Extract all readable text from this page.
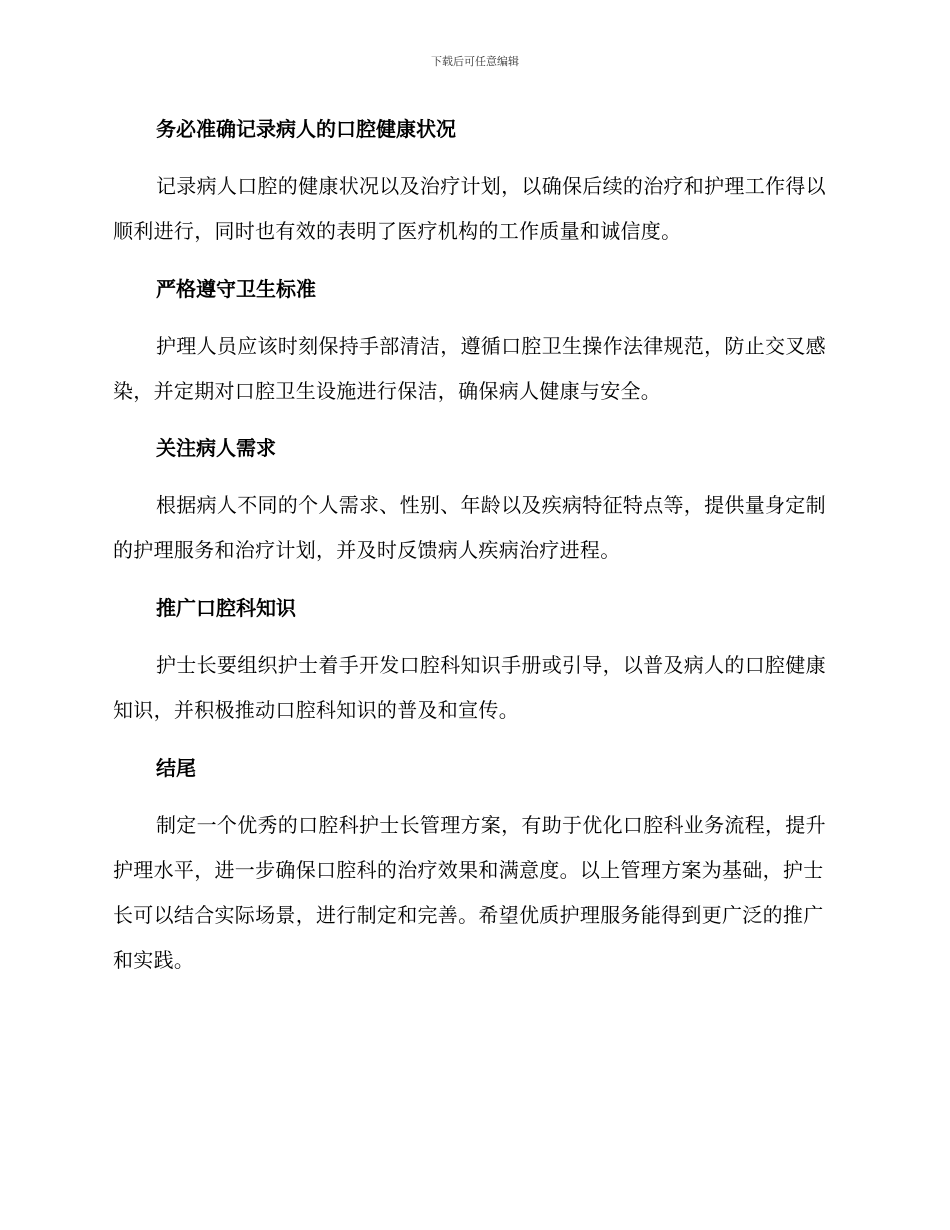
下载后可任意编辑
务必准确记录病人的口腔健康状况
记录病人口腔的健康状况以及治疗计划，以确保后续的治疗和护理工作得以顺利进行，同时也有效的表明了医疗机构的工作质量和诚信度。
严格遵守卫生标准
护理人员应该时刻保持手部清洁，遵循口腔卫生操作法律规范，防止交叉感染，并定期对口腔卫生设施进行保洁，确保病人健康与安全。
关注病人需求
根据病人不同的个人需求、性别、年龄以及疾病特征特点等，提供量身定制的护理服务和治疗计划，并及时反馈病人疾病治疗进程。
推广口腔科知识
护士长要组织护士着手开发口腔科知识手册或引导，以普及病人的口腔健康知识，并积极推动口腔科知识的普及和宣传。
结尾
制定一个优秀的口腔科护士长管理方案，有助于优化口腔科业务流程，提升护理水平，进一步确保口腔科的治疗效果和满意度。以上管理方案为基础，护士长可以结合实际场景，进行制定和完善。希望优质护理服务能得到更广泛的推广和实践。
